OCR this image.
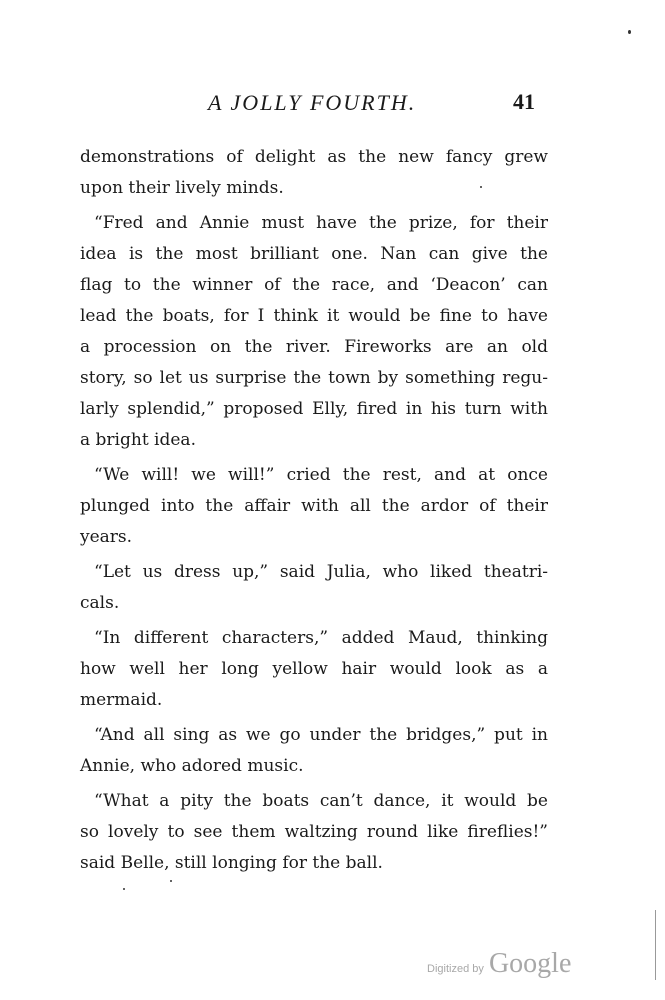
A JOLLY FOURTH.	41
demonstrations of delight as the new fancy grew
upon their lively minds.
“Fred and Annie must have the prize, for their
idea is the most brilliant one. Nan can give the
flag to the winner of the race, and ‘Deacon’ can
lead the boats, for I think it would be fine to have
a procession on the river. Fireworks are an old
story, so let us surprise the town by something regu-
larly splendid,” proposed Elly, fired in his turn with
a bright idea.
“We will! we will!” cried the rest, and at once
plunged into the affair with all the ardor of their
years.
“Let us dress up,” said Julia, who liked theatri-
cals.
“In different characters,” added Maud, thinking
how well her long yellow hair would look as a
mermaid.
“And all sing as we go under the bridges,” put in
Annie, who adored music.
“What a pity the boats can’t dance, it would be
so lovely to see them waltzing round like fireflies!”
said Belle, still longing for the ball.
Digitized by Google
